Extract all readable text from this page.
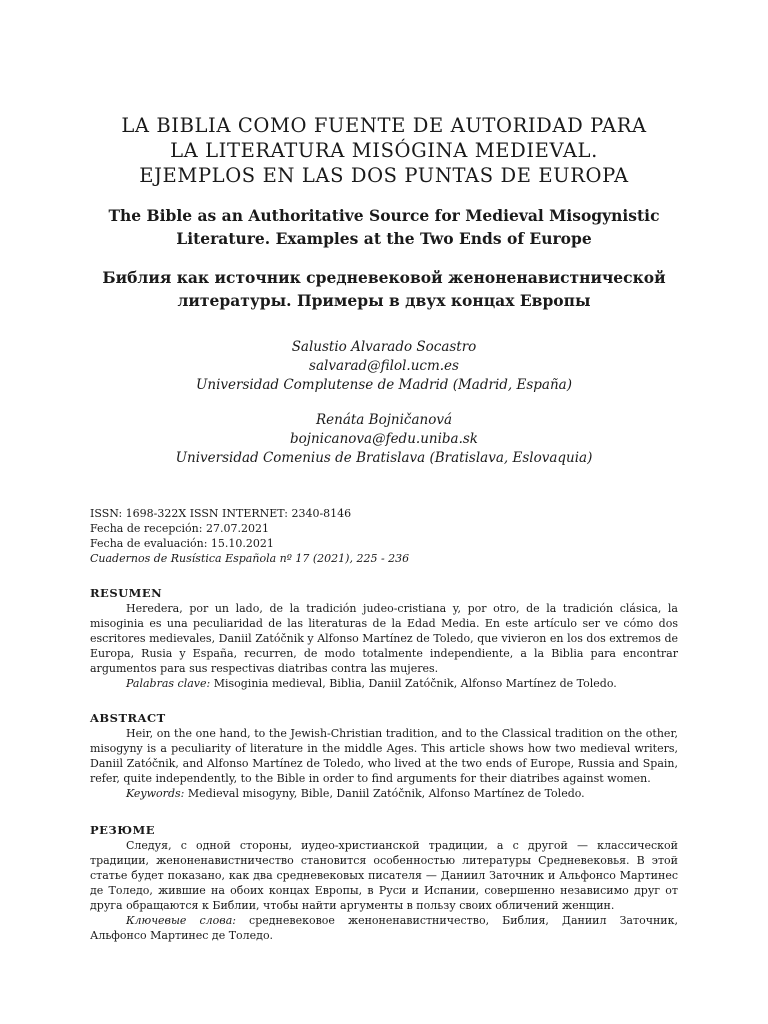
LA BIBLIA COMO FUENTE DE AUTORIDAD PARA
LA LITERATURA MISÓGINA MEDIEVAL.
EJEMPLOS EN LAS DOS PUNTAS DE EUROPA
The Bible as an Authoritative Source for Medieval Misogynistic
Literature. Examples at the Two Ends of Europe
Библия как источник средневековой женоненавистнической
литературы. Примеры в двух концах Европы
Salustio Alvarado Socastro
salvarad@filol.ucm.es
Universidad Complutense de Madrid (Madrid, España)
Renáta Bojničanová
bojnicanova@fedu.uniba.sk
Universidad Comenius de Bratislava (Bratislava, Eslovaquia)
ISSN: 1698-322X ISSN INTERNET: 2340-8146
Fecha de recepción: 27.07.2021
Fecha de evaluación: 15.10.2021
Cuadernos de Rusística Española nº 17 (2021), 225 - 236
RESUMEN

Heredera, por un lado, de la tradición judeo-cristiana y, por otro, de la tradición clásica, la misoginia es una peculiaridad de las literaturas de la Edad Media. En este artículo ser ve cómo dos escritores medievales, Daniil Zatóčnik y Alfonso Martínez de Toledo, que vivieron en los dos extremos de Europa, Rusia y España, recurren, de modo totalmente independiente, a la Biblia para encontrar argumentos para sus respectivas diatribas contra las mujeres.

Palabras clave: Misoginia medieval, Biblia, Daniil Zatóčnik, Alfonso Martínez de Toledo.

ABSTRACT

Heir, on the one hand, to the Jewish-Christian tradition, and to the Classical tradition on the other, misogyny is a peculiarity of literature in the middle Ages. This article shows how two medieval writers, Daniil Zatóčnik, and Alfonso Martínez de Toledo, who lived at the two ends of Europe, Russia and Spain, refer, quite independently, to the Bible in order to find arguments for their diatribes against women.

Keywords: Medieval misogyny, Bible, Daniil Zatóčnik, Alfonso Martínez de Toledo.

РЕЗЮМЕ

Следуя, с одной стороны, иудео-христианской традиции, а с другой — классической традиции, женоненавистничество становится особенностью литературы Средневековья. В этой статье будет показано, как два средневековых писателя — Даниил Заточник и Альфонсо Мартинес де Толедо, жившие на обоих концах Европы, в Руси и Испании, совершенно независимо друг от друга обращаются к Библии, чтобы найти аргументы в пользу своих обличений женщин.

Ключевые слова: средневековое женоненавистничество, Библия, Даниил Заточник, Альфонсо Мартинес де Толедо.
